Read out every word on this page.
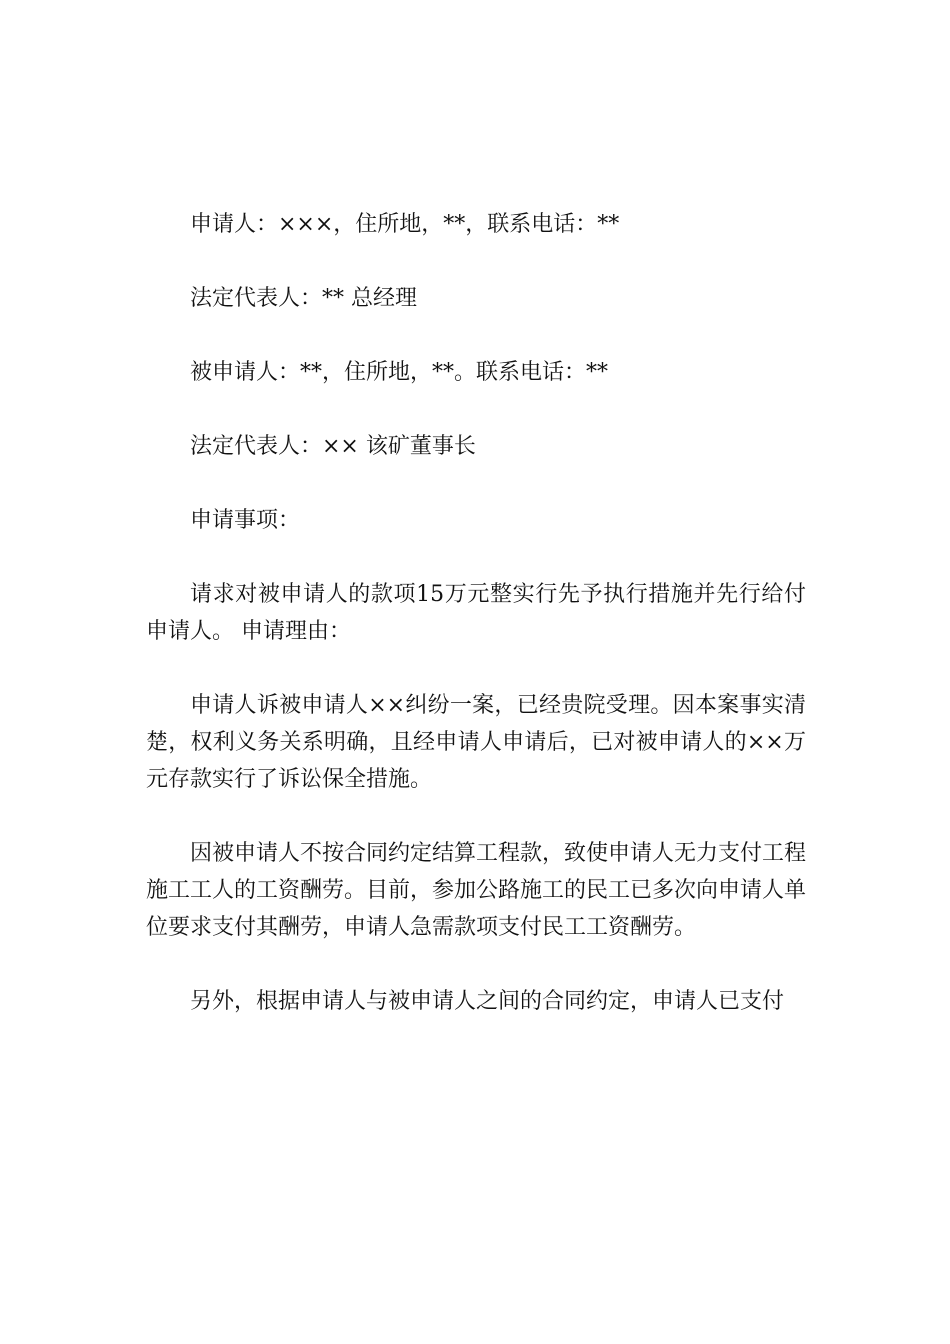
申请人：×××，住所地，**，联系电话：**

法定代表人：** 总经理

被申请人：**，住所地，**。联系电话：**

法定代表人：×× 该矿董事长

申请事项：

请求对被申请人的款项15万元整实行先予执行措施并先行给付申请人。 申请理由：

申请人诉被申请人××纠纷一案，已经贵院受理。因本案事实清楚，权利义务关系明确，且经申请人申请后，已对被申请人的××万元存款实行了诉讼保全措施。

因被申请人不按合同约定结算工程款，致使申请人无力支付工程施工工人的工资酬劳。目前，参加公路施工的民工已多次向申请人单位要求支付其酬劳，申请人急需款项支付民工工资酬劳。

另外，根据申请人与被申请人之间的合同约定，申请人已支付
